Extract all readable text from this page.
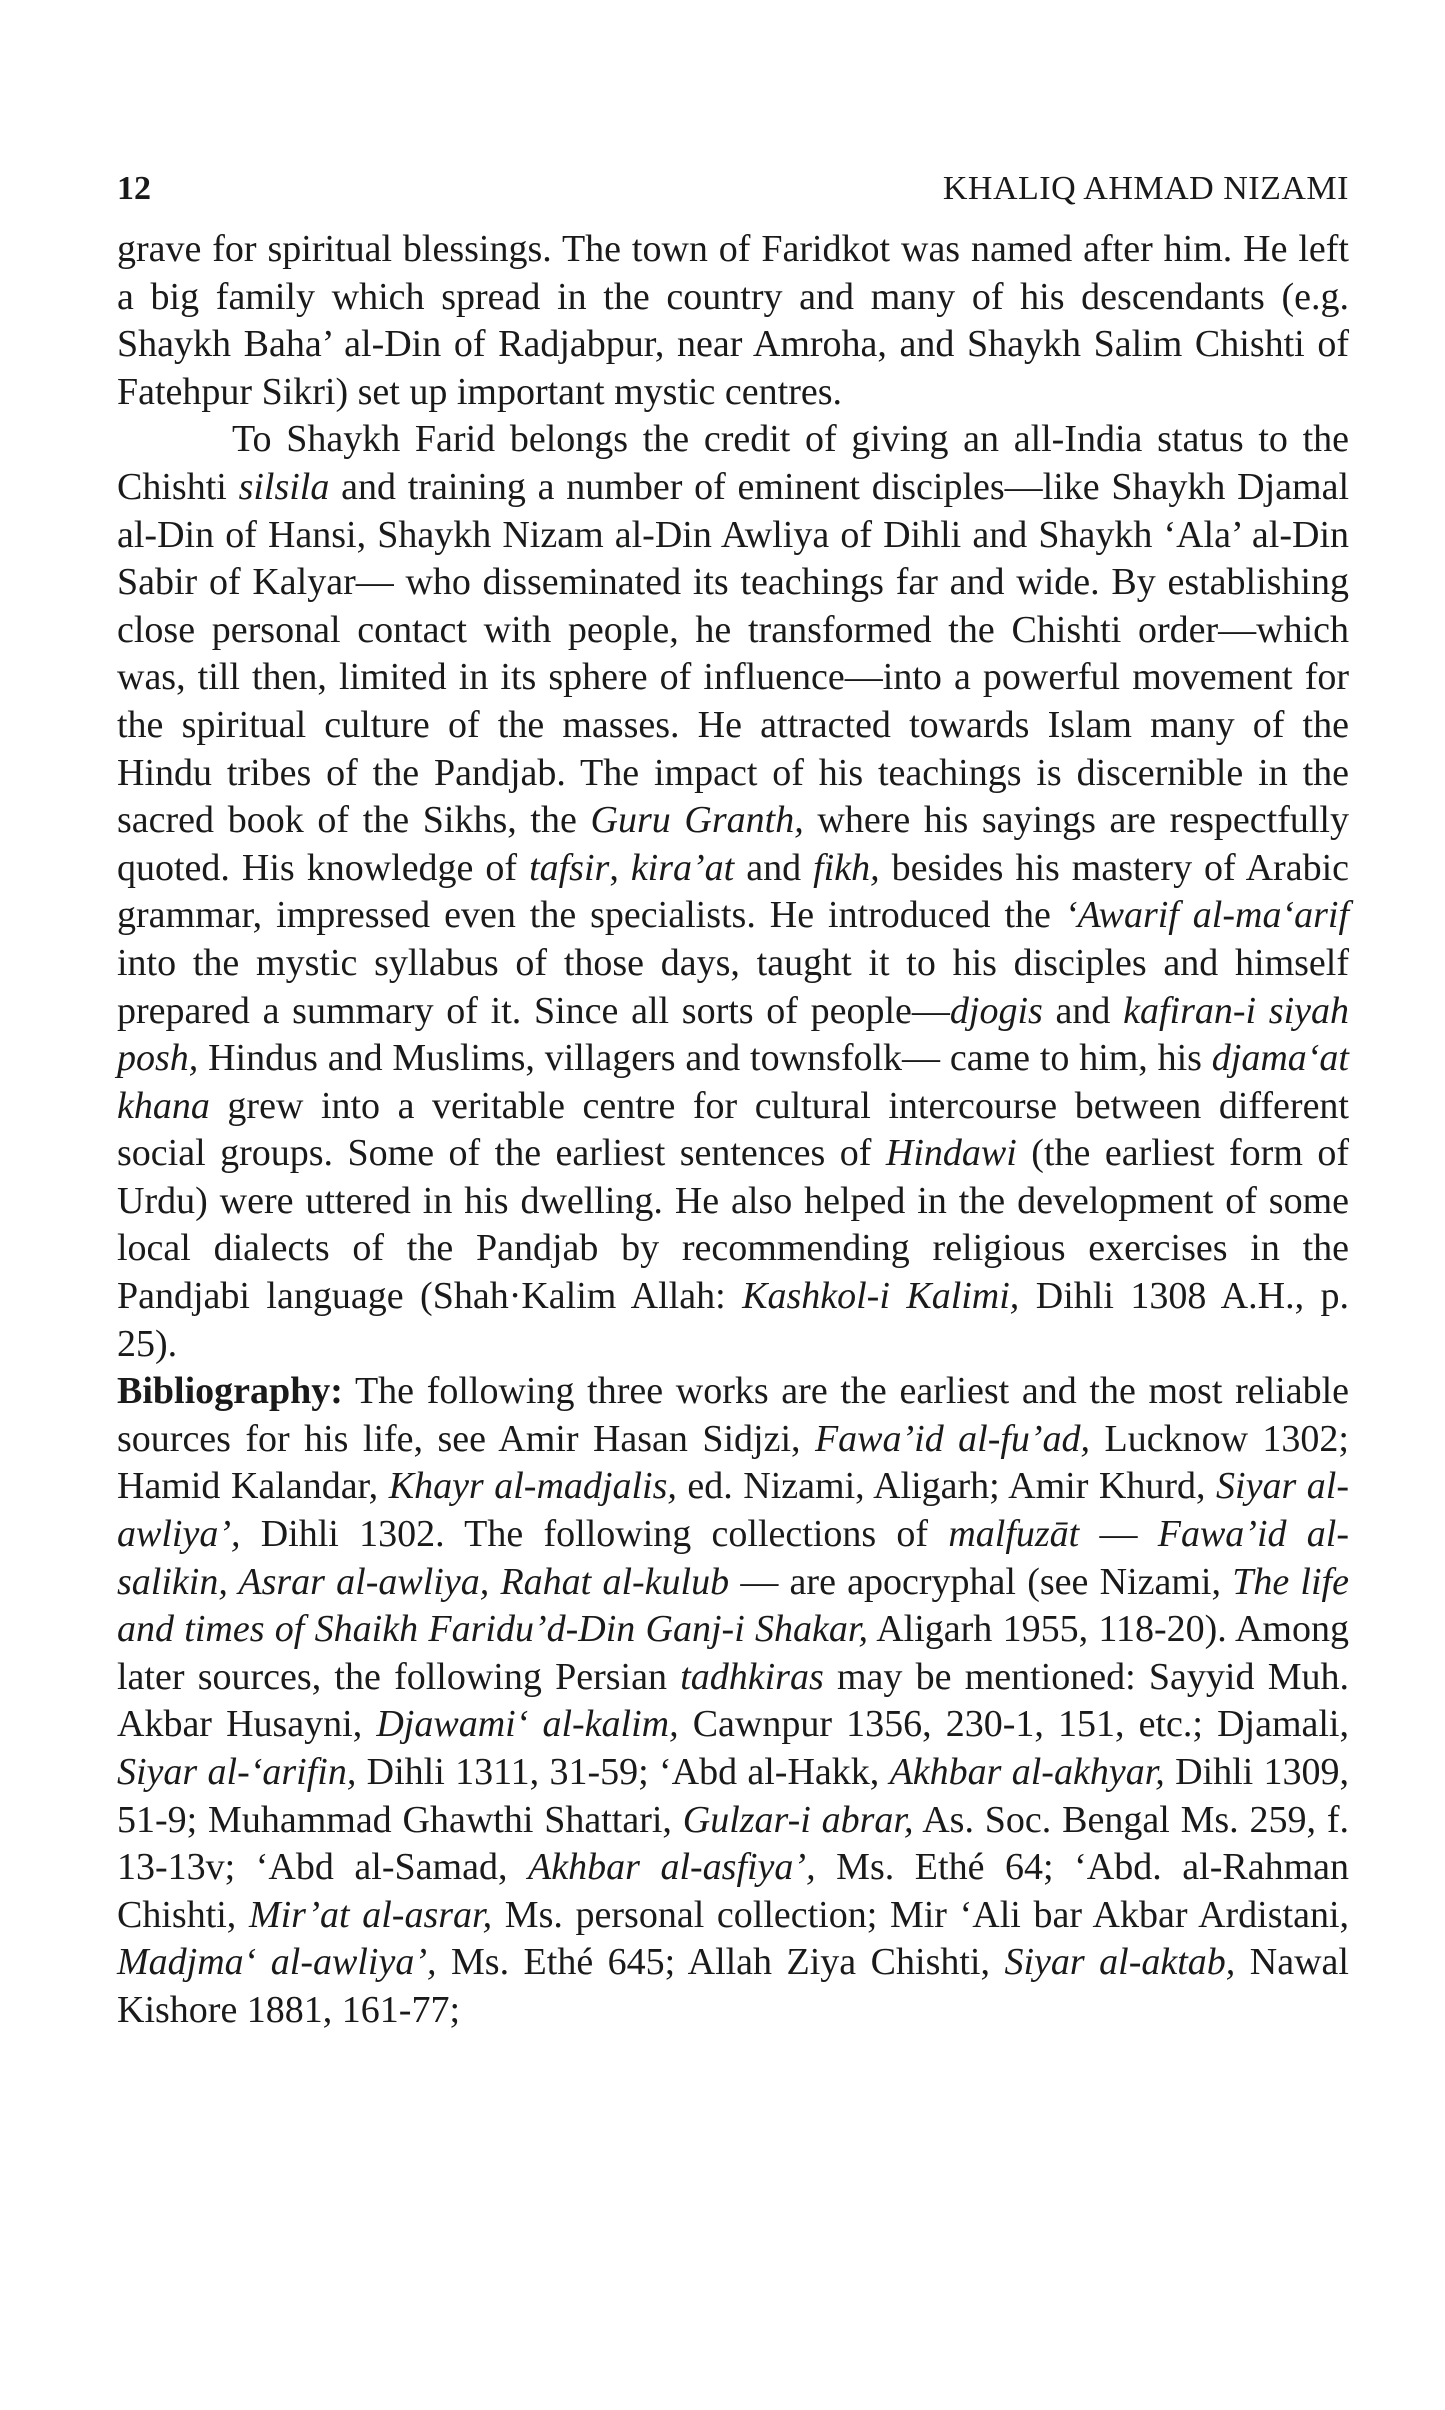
12	KHALIQ AHMAD NIZAMI

grave for spiritual blessings. The town of Faridkot was named after him. He left a big family which spread in the country and many of his descendants (e.g. Shaykh Baha’ al-Din of Radjabpur, near Amroha, and Shaykh Salim Chishti of Fatehpur Sikri) set up important mystic centres.

To Shaykh Farid belongs the credit of giving an all-India status to the Chishti silsila and training a number of eminent disciples—like Shaykh Djamal al-Din of Hansi, Shaykh Nizam al-Din Awliya of Dihli and Shaykh ‘Ala’ al-Din Sabir of Kalyar— who disseminated its teachings far and wide. By establishing close personal contact with people, he transformed the Chishti order—which was, till then, limited in its sphere of influence—into a powerful movement for the spiritual culture of the masses. He attracted towards Islam many of the Hindu tribes of the Pandjab. The impact of his teachings is discernible in the sacred book of the Sikhs, the Guru Granth, where his sayings are respectfully quoted. His knowledge of tafsir, kira’at and fikh, besides his mastery of Arabic grammar, impressed even the specialists. He introduced the ‘Awarif al-ma‘arif into the mystic syllabus of those days, taught it to his disciples and himself prepared a summary of it. Since all sorts of people—djogis and kafiran-i siyah posh, Hindus and Muslims, villagers and townsfolk— came to him, his djama‘at khana grew into a veritable centre for cultural intercourse between different social groups. Some of the earliest sentences of Hindawi (the earliest form of Urdu) were uttered in his dwelling. He also helped in the development of some local dialects of the Pandjab by recommending religious exercises in the Pandjabi language (Shah·Kalim Allah: Kashkol-i Kalimi, Dihli 1308 A.H., p. 25).

Bibliography: The following three works are the earliest and the most reliable sources for his life, see Amir Hasan Sidjzi, Fawa’id al-fu’ad, Lucknow 1302; Hamid Kalandar, Khayr al-madjalis, ed. Nizami, Aligarh; Amir Khurd, Siyar al-awliya’, Dihli 1302. The following collections of malfuzāt — Fawa’id al-salikin, Asrar al-awliya, Rahat al-kulub — are apocryphal (see Nizami, The life and times of Shaikh Faridu’d-Din Ganj-i Shakar, Aligarh 1955, 118-20). Among later sources, the following Persian tadhkiras may be mentioned: Sayyid Muh. Akbar Husayni, Djawami‘ al-kalim, Cawnpur 1356, 230-1, 151, etc.; Djamali, Siyar al-‘arifin, Dihli 1311, 31-59; ‘Abd al-Hakk, Akhbar al-akhyar, Dihli 1309, 51-9; Muhammad Ghawthi Shattari, Gulzar-i abrar, As. Soc. Bengal Ms. 259, f. 13-13v; ‘Abd al-Samad, Akhbar al-asfiya’, Ms. Ethé 64; ‘Abd. al-Rahman Chishti, Mir’at al-asrar, Ms. personal collection; Mir ‘Ali bar Akbar Ardistani, Madjma‘ al-awliya’, Ms. Ethé 645; Allah Ziya Chishti, Siyar al-aktab, Nawal Kishore 1881, 161-77;
